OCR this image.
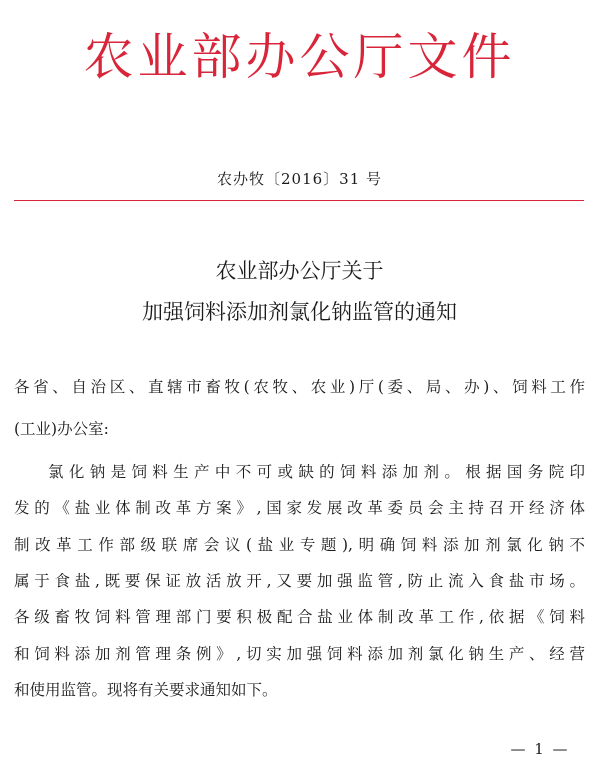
农业部办公厅文件
农办牧〔2016〕31 号
农业部办公厅关于
加强饲料添加剂氯化钠监管的通知
各省、自治区、直辖市畜牧(农牧、农业)厅(委、局、办)、饲料工作
(工业)办公室:
氯化钠是饲料生产中不可或缺的饲料添加剂。根据国务院印
发的《盐业体制改革方案》,国家发展改革委员会主持召开经济体
制改革工作部级联席会议(盐业专题),明确饲料添加剂氯化钠不
属于食盐,既要保证放活放开,又要加强监管,防止流入食盐市场。
各级畜牧饲料管理部门要积极配合盐业体制改革工作,依据《饲料
和饲料添加剂管理条例》,切实加强饲料添加剂氯化钠生产、经营
和使用监管。现将有关要求通知如下。
— 1 —
